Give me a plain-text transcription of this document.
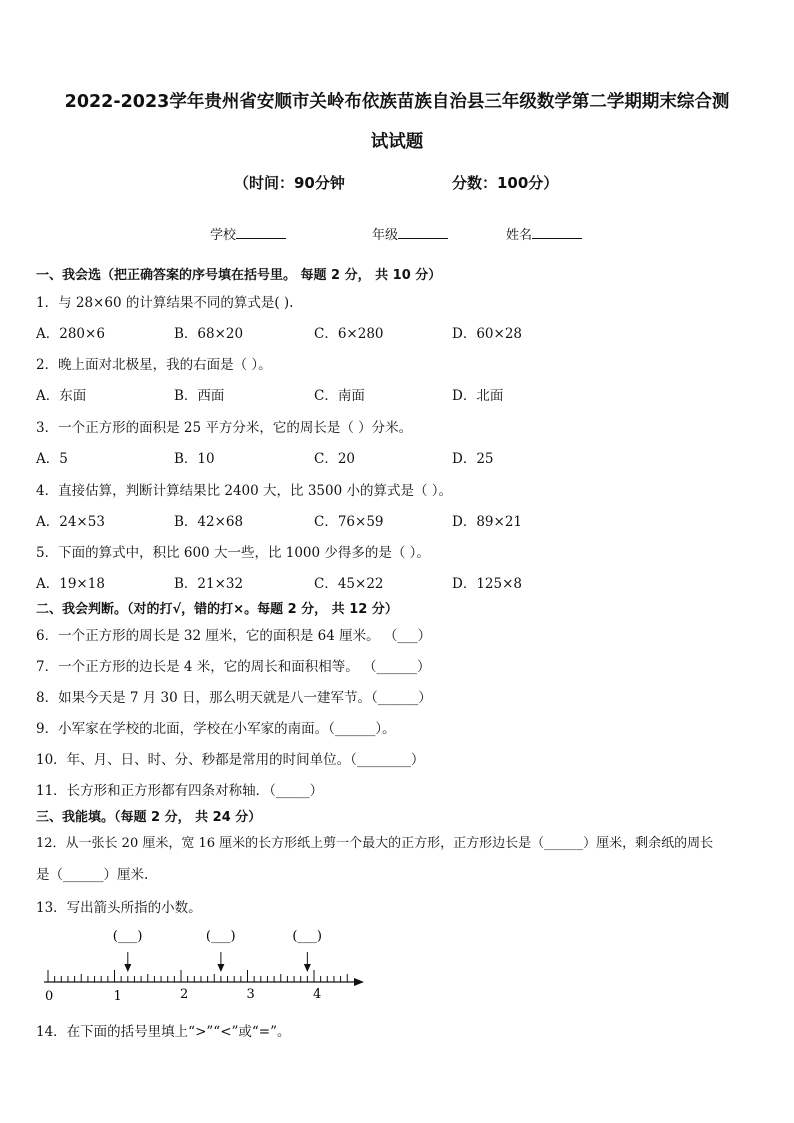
2022-2023学年贵州省安顺市关岭布依族苗族自治县三年级数学第二学期期末综合测
试试题
（时间：90分钟	分数：100分）
学校	年级	姓名
一、我会选（把正确答案的序号填在括号里。 每题 2 分， 共 10 分）
1．与 28×60 的计算结果不同的算式是( ).
A．280×6	B．68×20	C．6×280	D．60×28
2．晚上面对北极星，我的右面是（ ）。
A．东面	B．西面	C．南面	D．北面
3．一个正方形的面积是 25 平方分米，它的周长是（ ）分米。
A．5	B．10	C．20	D．25
4．直接估算，判断计算结果比 2400 大，比 3500 小的算式是（ ）。
A．24×53	B．42×68	C．76×59	D．89×21
5．下面的算式中，积比 600 大一些，比 1000 少得多的是（ ）。
A．19×18	B．21×32	C．45×22	D．125×8
二、我会判断。（对的打√，错的打×。每题 2 分， 共 12 分）
6．一个正方形的周长是 32 厘米，它的面积是 64 厘米。 （___）
7．一个正方形的边长是 4 米，它的周长和面积相等。 （______）
8．如果今天是 7 月 30 日，那么明天就是八一建军节。（______）
9．小军家在学校的北面，学校在小军家的南面。（______）。
10．年、月、日、时、分、秒都是常用的时间单位。（________）
11．长方形和正方形都有四条对称轴．（_____）
三、我能填。（每题 2 分， 共 24 分）
12．从一张长 20 厘米，宽 16 厘米的长方形纸上剪一个最大的正方形，正方形边长是（______）厘米，剩余纸的周长
是（______）厘米.
13．写出箭头所指的小数。
0	1	2	3	4
(___)	(___)	(___)
14．在下面的括号里填上“>”“<”或“=”。
